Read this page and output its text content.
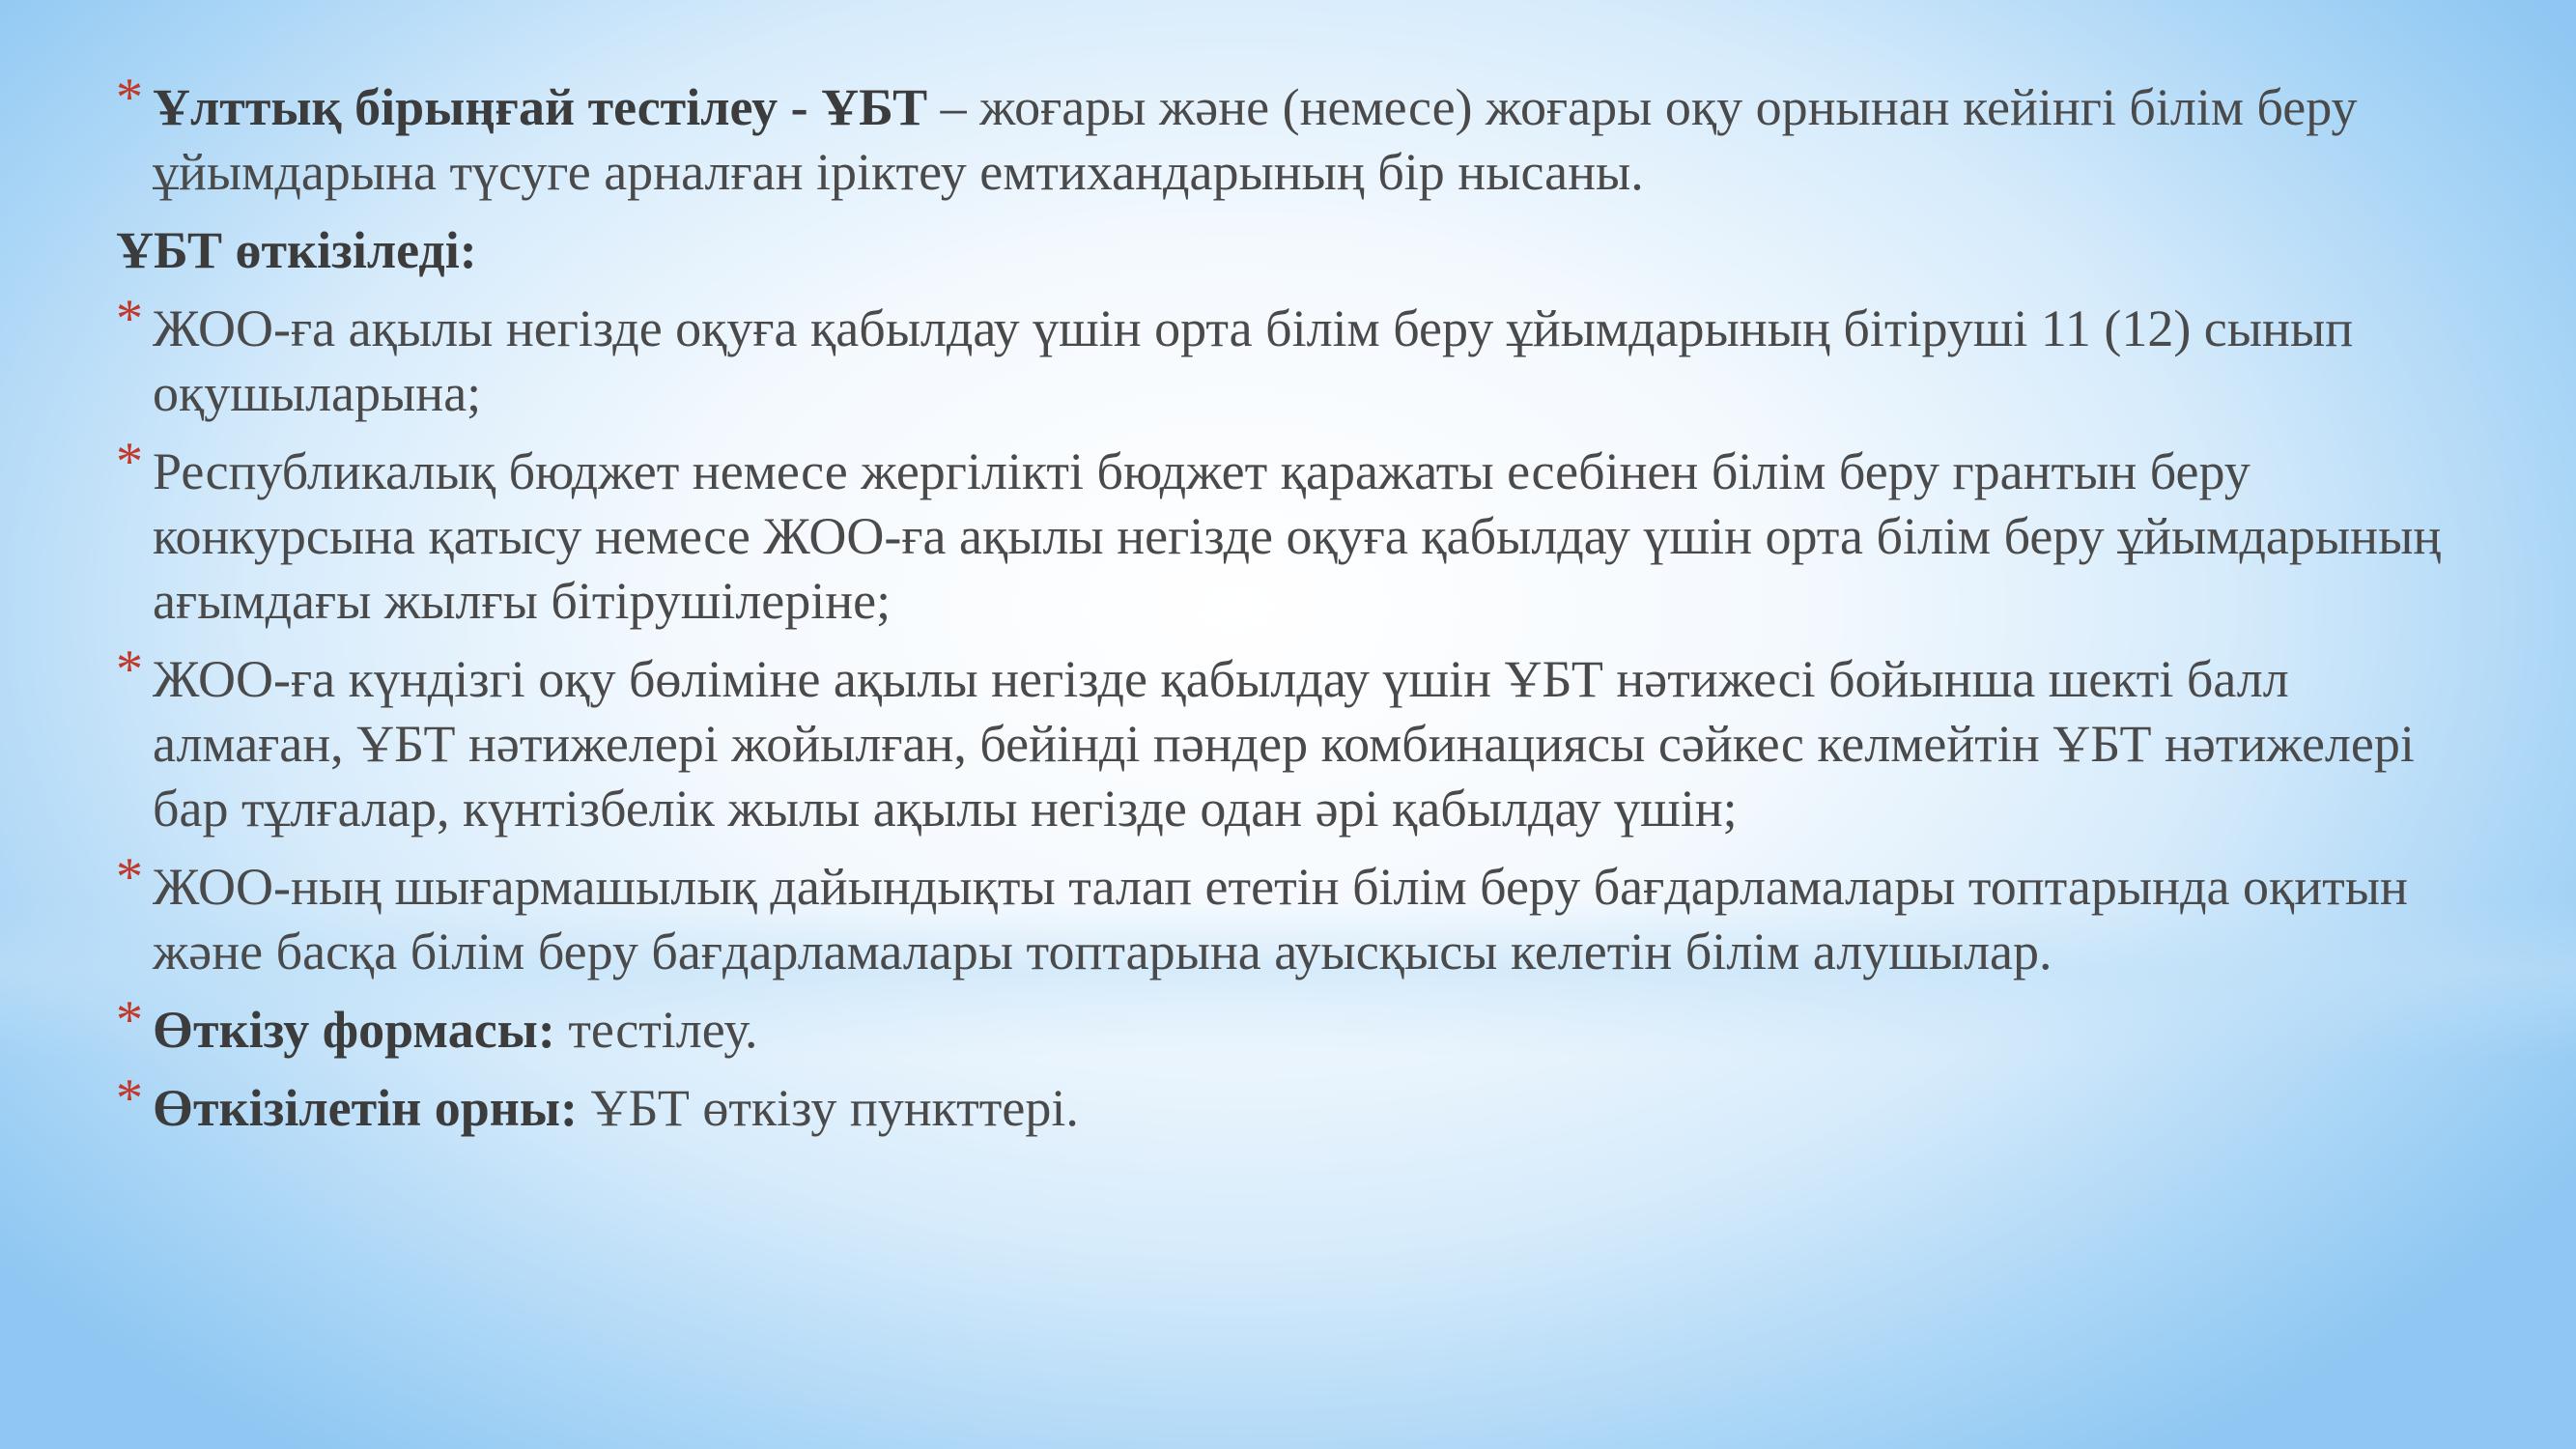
* Ұлттық бірыңғай тестілеу - ҰБТ – жоғары және (немесе) жоғары оқу орнынан кейінгі білім беру ұйымдарына түсуге арналған іріктеу емтихандарының бір нысаны.

ҰБТ өткізіледі:

* ЖОО-ға ақылы негізде оқуға қабылдау үшін орта білім беру ұйымдарының бітіруші 11 (12) сынып оқушыларына;

* Республикалық бюджет немесе жергілікті бюджет қаражаты есебінен білім беру грантын беру конкурсына қатысу немесе ЖОО-ға ақылы негізде оқуға қабылдау үшін орта білім беру ұйымдарының ағымдағы жылғы бітірушілеріне;

* ЖОО-ға күндізгі оқу бөліміне ақылы негізде қабылдау үшін ҰБТ нәтижесі бойынша шекті балл алмаған, ҰБТ нәтижелері жойылған, бейінді пәндер комбинациясы сәйкес келмейтін ҰБТ нәтижелері бар тұлғалар, күнтізбелік жылы ақылы негізде одан әрі қабылдау үшін;

* ЖОО-ның шығармашылық дайындықты талап ететін білім беру бағдарламалары топтарында оқитын және басқа білім беру бағдарламалары топтарына ауысқысы келетін білім алушылар.

* Өткізу формасы: тестілеу.

* Өткізілетін орны: ҰБТ өткізу пункттері.
